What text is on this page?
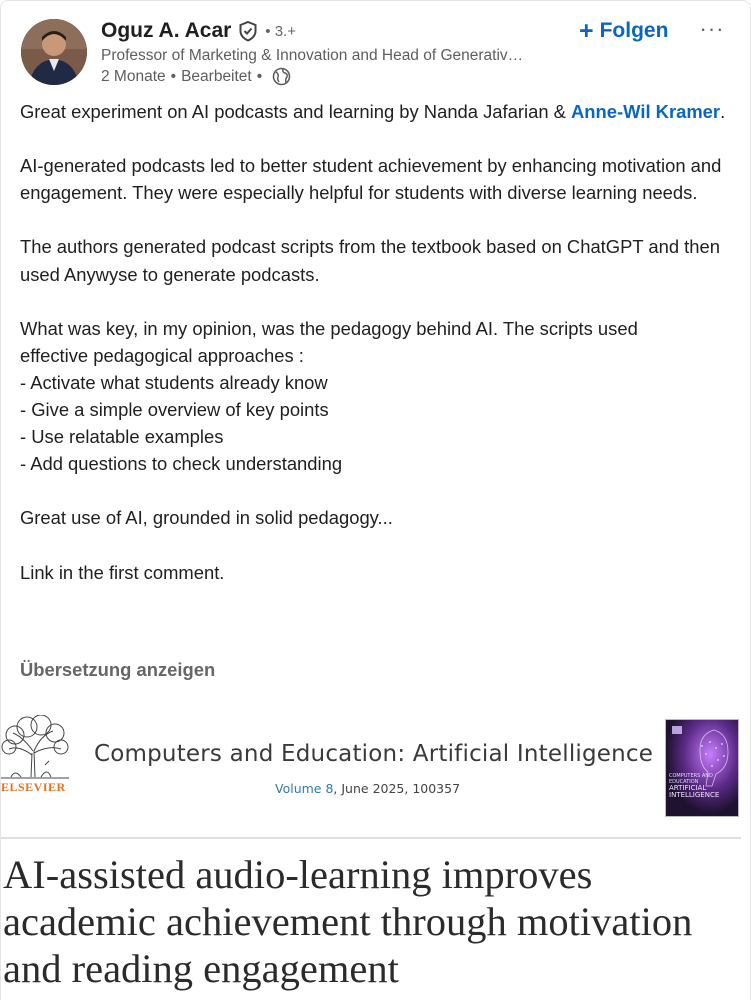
Oguz A. Acar • 3.+
Professor of Marketing & Innovation and Head of Generativ…
2 Monate • Bearbeitet •
+ Folgen ···

Great experiment on AI podcasts and learning by Nanda Jafarian & Anne-Wil Kramer.

AI-generated podcasts led to better student achievement by enhancing motivation and engagement. They were especially helpful for students with diverse learning needs.

The authors generated podcast scripts from the textbook based on ChatGPT and then used Anywyse to generate podcasts.

What was key, in my opinion, was the pedagogy behind AI. The scripts used

effective pedagogical approaches :

- Activate what students already know

- Give a simple overview of key points

- Use relatable examples

- Add questions to check understanding

Great use of AI, grounded in solid pedagogy...

Link in the first comment.

Übersetzung anzeigen
ELSEVIER
Computers and Education: Artificial Intelligence
Volume 8, June 2025, 100357
COMPUTERS AND EDUCATION
ARTIFICIAL
INTELLIGENCE
AI-assisted audio-learning improves academic achievement through motivation and reading engagement
